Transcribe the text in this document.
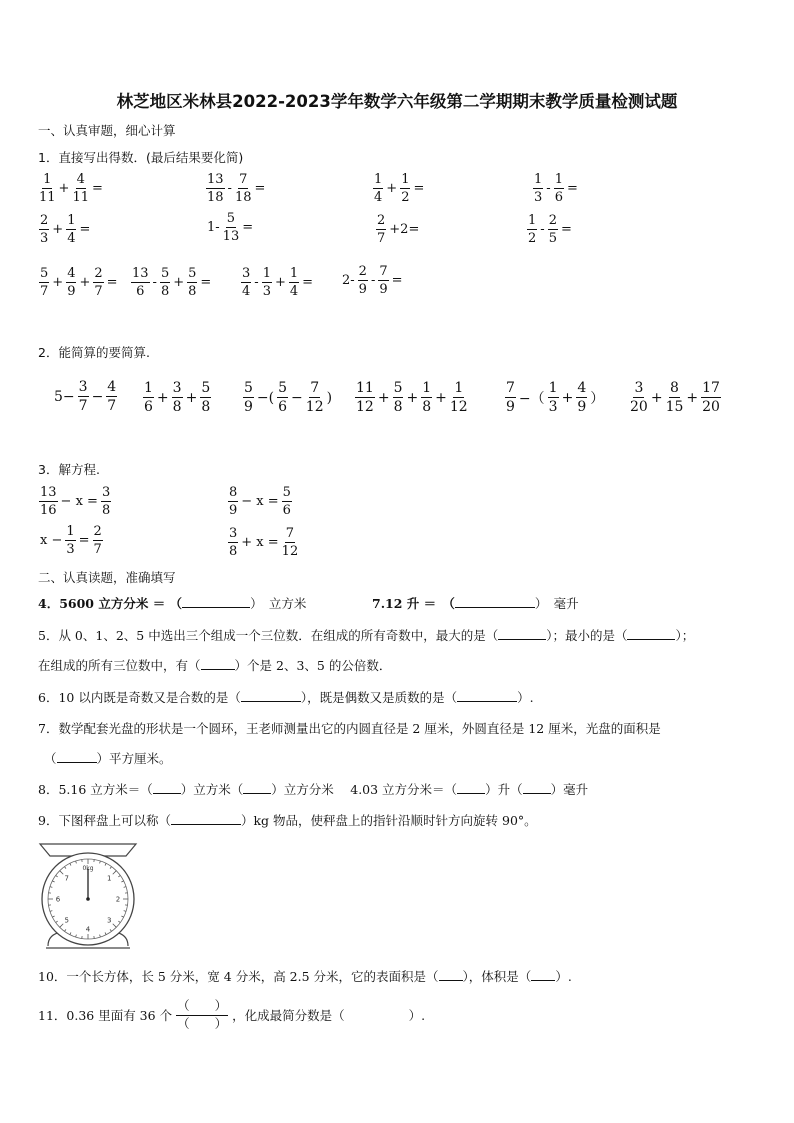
林芝地区米林县2022-2023学年数学六年级第二学期期末教学质量检测试题
一、认真审题，细心计算
1．直接写出得数．(最后结果要化简)
$\frac{1}{11} + \frac{4}{11}$ =	$\frac{13}{18} - \frac{7}{18}$ =	$\frac{1}{4} + \frac{1}{2}$ =	$\frac{1}{3} - \frac{1}{6}$ =
$\frac{2}{3} + \frac{1}{4}$ =	$1- \frac{5}{13}$ =	$\frac{2}{7} +2=$	$\frac{1}{2} - \frac{2}{5}$ =
$\frac{5}{7} + \frac{4}{9} + \frac{2}{7} = \frac{13}{6} - \frac{5}{8} + \frac{5}{8} = \frac{3}{4} - \frac{1}{3} + \frac{1}{4} = 2- \frac{2}{9} - \frac{7}{9}$ =
2．能简算的要简算.
$5- \frac{3}{7} - \frac{4}{7} \frac{1}{6} + \frac{3}{8} + \frac{5}{8} \frac{5}{9}$ −( $\frac{5}{6} - \frac{7}{12}$ ) $\frac{11}{12} + \frac{5}{8} + \frac{1}{8} + \frac{1}{12}$	$\frac{7}{9}$ −（ $\frac{1}{3} + \frac{4}{9}$ ） $\frac{3}{20} + \frac{8}{15} + \frac{17}{20}$
3．解方程.
$\frac{13}{16} - x = \frac{3}{8}$	$\frac{8}{9} - x = \frac{5}{6}$
$x - \frac{1}{3} = \frac{2}{7}$	$\frac{3}{8} + x = \frac{7}{12}$
二、认真读题，准确填写
4．5600 立方分米 ＝ （	）　立方米	7.12 升 ＝　（	）　毫升
5．从 0、1、2、5 中选出三个组成一个三位数．在组成的所有奇数中，最大的是（	）；最小的是（	）；
在组成的所有三位数中，有（	）个是 2、3、5 的公倍数．
6．10 以内既是奇数又是合数的是（	），既是偶数又是质数的是（	）.
7．数学配套光盘的形状是一个圆环，王老师测量出它的内圆直径是 2 厘米，外圆直径是 12 厘米，光盘的面积是
（	）平方厘米。
8．5.16 立方米＝（ ）立方米（ ）立方分米　 4.03 立方分米＝（ ）升（ ）毫升
9．下图秤盘上可以称（	）kg 物品，使秤盘上的指针沿顺时针方向旋转 90°。
0kg
1
2
3
4
5
6
7
10．一个长方体，长 5 分米，宽 4 分米，高 2.5 分米，它的表面积是（ ），体积是（ ）.
11．0.36 里面有 36 个
（　　）
（　　） ，化成最简分数是（	）.
